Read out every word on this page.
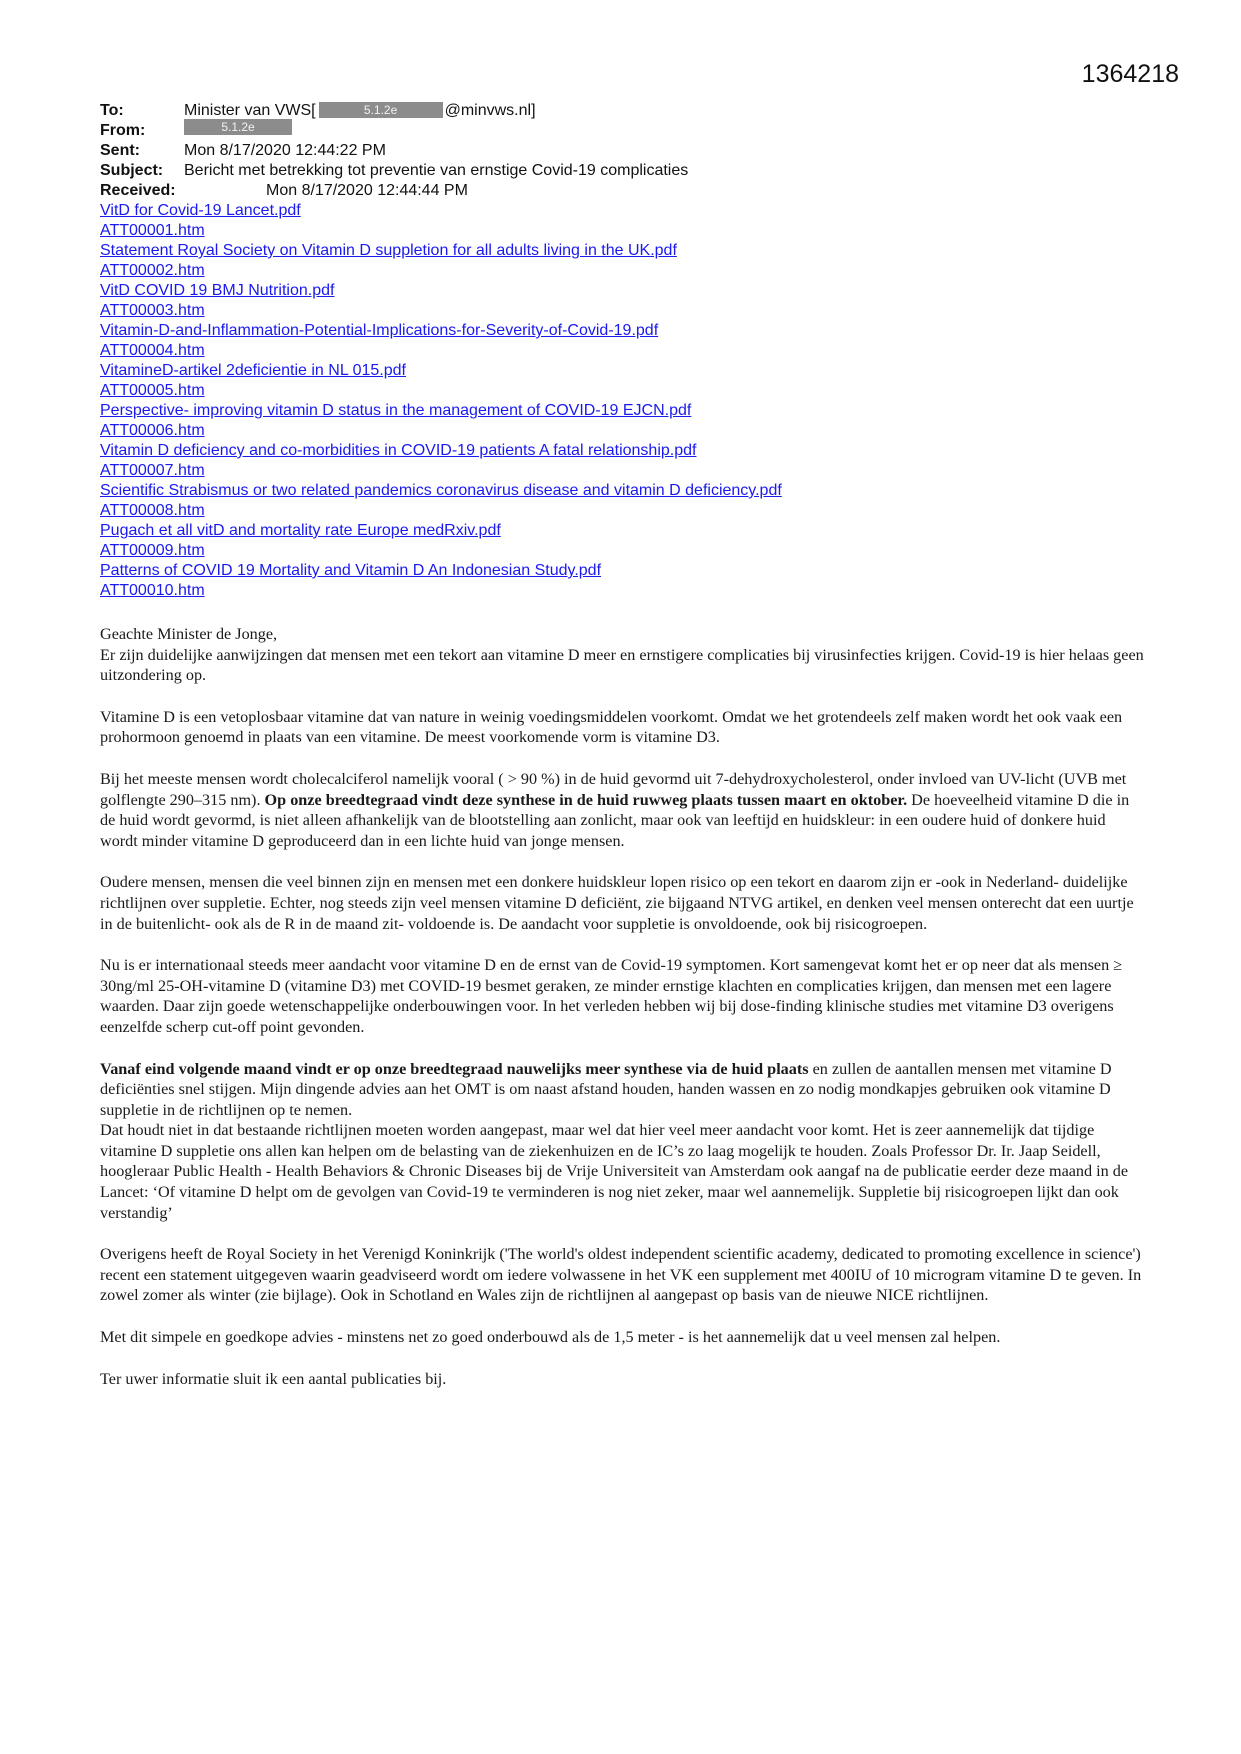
1364218
To:	Minister van VWS[	5.1.2e	@minvws.nl]
From:	5.1.2e
Sent:	Mon 8/17/2020 12:44:22 PM
Subject: Bericht met betrekking tot preventie van ernstige Covid-19 complicaties
Received:	Mon 8/17/2020 12:44:44 PM
VitD for Covid-19 Lancet.pdf
ATT00001.htm
Statement Royal Society on Vitamin D suppletion for all adults living in the UK.pdf
ATT00002.htm
VitD COVID 19 BMJ Nutrition.pdf
ATT00003.htm
Vitamin-D-and-Inflammation-Potential-Implications-for-Severity-of-Covid-19.pdf
ATT00004.htm
VitamineD-artikel 2deficientie in NL 015.pdf
ATT00005.htm
Perspective- improving vitamin D status in the management of COVID-19 EJCN.pdf
ATT00006.htm
Vitamin D deficiency and co-morbidities in COVID-19 patients A fatal relationship.pdf
ATT00007.htm
Scientific Strabismus or two related pandemics coronavirus disease and vitamin D deficiency.pdf
ATT00008.htm
Pugach et all vitD and mortality rate Europe medRxiv.pdf
ATT00009.htm
Patterns of COVID 19 Mortality and Vitamin D An Indonesian Study.pdf
ATT00010.htm

Geachte Minister de Jonge,

Er zijn duidelijke aanwijzingen dat mensen met een tekort aan vitamine D meer en ernstigere complicaties bij virusinfecties krijgen. Covid-19 is hier helaas geen uitzondering op.

Vitamine D is een vetoplosbaar vitamine dat van nature in weinig voedingsmiddelen voorkomt. Omdat we het grotendeels zelf maken wordt het ook vaak een prohormoon genoemd in plaats van een vitamine. De meest voorkomende vorm is vitamine D3.

Bij het meeste mensen wordt cholecalciferol namelijk vooral ( > 90 %) in de huid gevormd uit 7-dehydroxycholesterol, onder invloed van UV-licht (UVB met golflengte 290–315 nm). Op onze breedtegraad vindt deze synthese in de huid ruwweg plaats tussen maart en oktober. De hoeveelheid vitamine D die in de huid wordt gevormd, is niet alleen afhankelijk van de blootstelling aan zonlicht, maar ook van leeftijd en huidskleur: in een oudere huid of donkere huid wordt minder vitamine D geproduceerd dan in een lichte huid van jonge mensen.

Oudere mensen, mensen die veel binnen zijn en mensen met een donkere huidskleur lopen risico op een tekort en daarom zijn er -ook in Nederland- duidelijke richtlijnen over suppletie. Echter, nog steeds zijn veel mensen vitamine D deficiënt, zie bijgaand NTVG artikel, en denken veel mensen onterecht dat een uurtje in de buitenlicht- ook als de R in de maand zit- voldoende is. De aandacht voor suppletie is onvoldoende, ook bij risicogroepen.

Nu is er internationaal steeds meer aandacht voor vitamine D en de ernst van de Covid-19 symptomen. Kort samengevat komt het er op neer dat als mensen ≥ 30ng/ml 25-OH-vitamine D (vitamine D3) met COVID-19 besmet geraken, ze minder ernstige klachten en complicaties krijgen, dan mensen met een lagere waarden. Daar zijn goede wetenschappelijke onderbouwingen voor. In het verleden hebben wij bij dose-finding klinische studies met vitamine D3 overigens eenzelfde scherp cut-off point gevonden.

Vanaf eind volgende maand vindt er op onze breedtegraad nauwelijks meer synthese via de huid plaats en zullen de aantallen mensen met vitamine D deficiënties snel stijgen. Mijn dingende advies aan het OMT is om naast afstand houden, handen wassen en zo nodig mondkapjes gebruiken ook vitamine D suppletie in de richtlijnen op te nemen.

Dat houdt niet in dat bestaande richtlijnen moeten worden aangepast, maar wel dat hier veel meer aandacht voor komt. Het is zeer aannemelijk dat tijdige vitamine D suppletie ons allen kan helpen om de belasting van de ziekenhuizen en de IC’s zo laag mogelijk te houden. Zoals Professor Dr. Ir. Jaap Seidell, hoogleraar Public Health - Health Behaviors & Chronic Diseases bij de Vrije Universiteit van Amsterdam ook aangaf na de publicatie eerder deze maand in de Lancet: ‘Of vitamine D helpt om de gevolgen van Covid-19 te verminderen is nog niet zeker, maar wel aannemelijk. Suppletie bij risicogroepen lijkt dan ook verstandig’

Overigens heeft de Royal Society in het Verenigd Koninkrijk ('The world's oldest independent scientific academy, dedicated to promoting excellence in science') recent een statement uitgegeven waarin geadviseerd wordt om iedere volwassene in het VK een supplement met 400IU of 10 microgram vitamine D te geven. In zowel zomer als winter (zie bijlage). Ook in Schotland en Wales zijn de richtlijnen al aangepast op basis van de nieuwe NICE richtlijnen.

Met dit simpele en goedkope advies - minstens net zo goed onderbouwd als de 1,5 meter - is het aannemelijk dat u veel mensen zal helpen.

Ter uwer informatie sluit ik een aantal publicaties bij.
